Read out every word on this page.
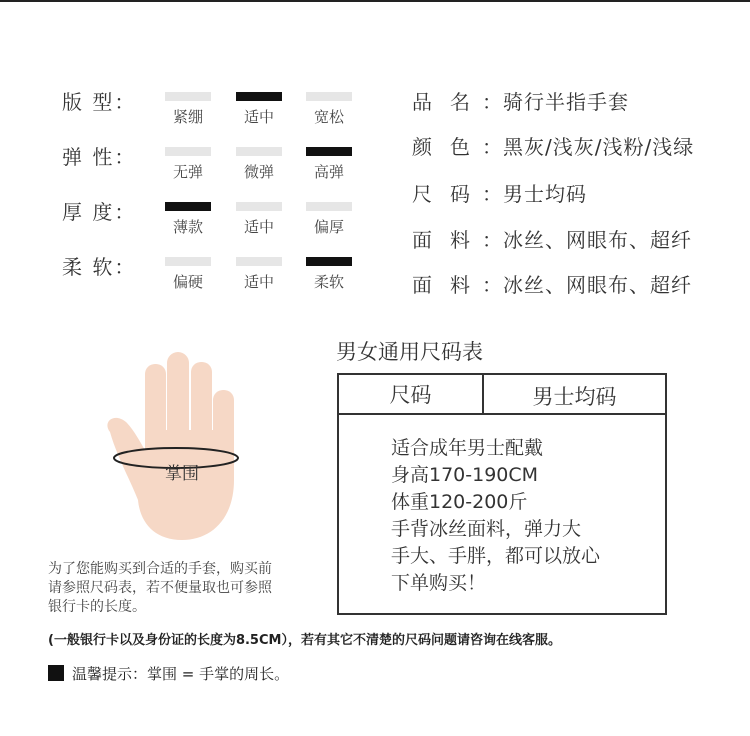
版 型：
紧绷	适中	宽松
弹 性：
无弹	微弹	高弹
厚 度：
薄款	适中	偏厚
柔 软：
偏硬	适中	柔软
品名：骑行半指手套
颜色：黑灰/浅灰/浅粉/浅绿
尺码：男士均码
面料：冰丝、网眼布、超纤
面料：冰丝、网眼布、超纤
掌围
男女通用尺码表
尺码	男士均码
适合成年男士配戴
身高170-190CM
体重120-200斤
手背冰丝面料，弹力大
手大、手胖，都可以放心
下单购买！
为了您能购买到合适的手套，购买前
请参照尺码表，若不便量取也可参照
银行卡的长度。
(一般银行卡以及身份证的长度为8.5CM），若有其它不清楚的尺码问题请咨询在线客服。
温馨提示：掌围 = 手掌的周长。
